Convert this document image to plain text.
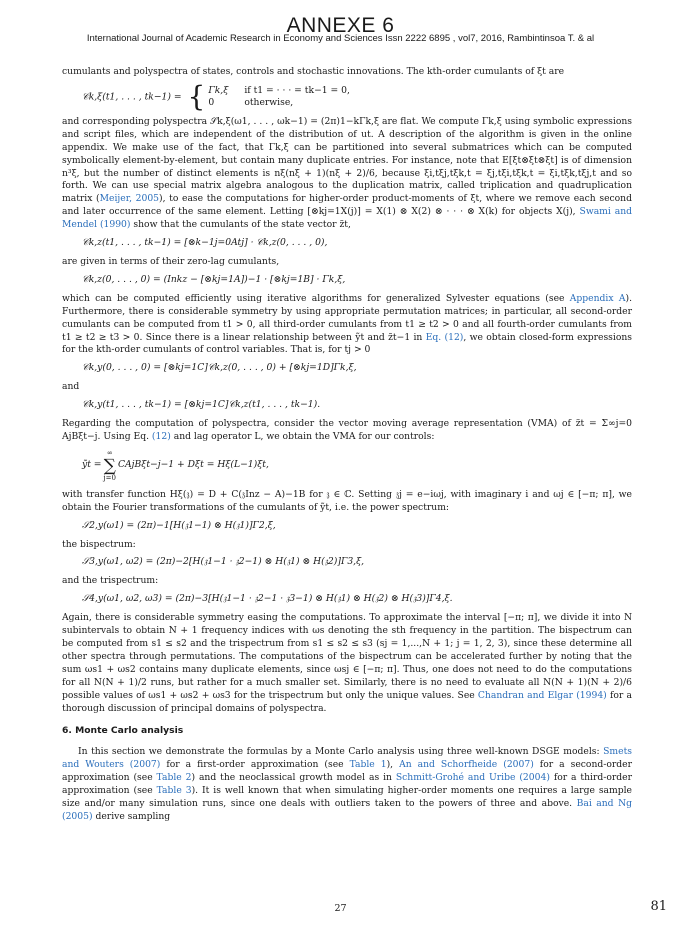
ANNEXE 6
International Journal of Academic Research in Economy and Sciences Issn 2222 6895 , vol7, 2016, Rambintinsoa T. & al

cumulants and polyspectra of states, controls and stochastic innovations. The kth-order cumulants of ξt are

𝒞k,ξ(t1, . . . , tk−1) = { Γk,ξ if t1 = · · · = tk−1 = 0,
0	otherwise,

and corresponding polyspectra 𝒮k,ξ(ω1, . . . , ωk−1) = (2π)1−kΓk,ξ are flat. We compute Γk,ξ using symbolic expressions and script files, which are independent of the distribution of ut. A description of the algorithm is given in the online appendix. We make use of the fact, that Γk,ξ can be partitioned into several submatrices which can be computed symbolically element-by-element, but contain many duplicate entries. For instance, note that E[ξt⊗ξt⊗ξt] is of dimension n³ξ, but the number of distinct elements is nξ(nξ + 1)(nξ + 2)/6, because ξi,tξj,tξk,t = ξj,tξi,tξk,t = ξi,tξk,tξj,t and so forth. We can use special matrix algebra analogous to the duplication matrix, called triplication and quadruplication matrix (Meijer, 2005), to ease the computations for higher-order product-moments of ξt, where we remove each second and later occurrence of the same element. Letting [⊗kj=1X(j)] = X(1) ⊗ X(2) ⊗ · · · ⊗ X(k) for objects X(j), Swami and Mendel (1990) show that the cumulants of the state vector z̃t,

𝒞k,z(t1, . . . , tk−1) = [⊗k−1j=0Atj] · 𝒞k,z(0, . . . , 0),

are given in terms of their zero-lag cumulants,

𝒞k,z(0, . . . , 0) = (Inkz − [⊗kj=1A])−1 · [⊗kj=1B] · Γk,ξ,

which can be computed efficiently using iterative algorithms for generalized Sylvester equations (see Appendix A). Furthermore, there is considerable symmetry by using appropriate permutation matrices; in particular, all second-order cumulants can be computed from t1 > 0, all third-order cumulants from t1 ≥ t2 > 0 and all fourth-order cumulants from t1 ≥ t2 ≥ t3 > 0. Since there is a linear relationship between ỹt and z̃t−1 in Eq. (12), we obtain closed-form expressions for the kth-order cumulants of control variables. That is, for tj > 0

𝒞k,y(0, . . . , 0) = [⊗kj=1C]𝒞k,z(0, . . . , 0) + [⊗kj=1D]Γk,ξ,

and

𝒞k,y(t1, . . . , tk−1) = [⊗kj=1C]𝒞k,z(t1, . . . , tk−1).

Regarding the computation of polyspectra, consider the vector moving average representation (VMA) of z̃t = Σ∞j=0 AjBξt−j. Using Eq. (12) and lag operator L, we obtain the VMA for our controls:

ỹt =
∞
∑
j=0
CAjBξt−j−1 + Dξt = Hξ(L−1)ξt,

with transfer function Hξ(𝔷) = D + C(𝔷Inz − A)−1B for 𝔷 ∈ ℂ. Setting 𝔷j = e−iωj, with imaginary i and ωj ∈ [−π; π], we obtain the Fourier transformations of the cumulants of ỹt, i.e. the power spectrum:

𝒮2,y(ω1) = (2π)−1[H(𝔷1−1) ⊗ H(𝔷1)]Γ2,ξ,

the bispectrum:

𝒮3,y(ω1, ω2) = (2π)−2[H(𝔷1−1 · 𝔷2−1) ⊗ H(𝔷1) ⊗ H(𝔷2)]Γ3,ξ,

and the trispectrum:

𝒮4,y(ω1, ω2, ω3) = (2π)−3[H(𝔷1−1 · 𝔷2−1 · 𝔷3−1) ⊗ H(𝔷1) ⊗ H(𝔷2) ⊗ H(𝔷3)]Γ4,ξ.

Again, there is considerable symmetry easing the computations. To approximate the interval [−π; π], we divide it into N subintervals to obtain N + 1 frequency indices with ωs denoting the sth frequency in the partition. The bispectrum can be computed from s1 ≤ s2 and the trispectrum from s1 ≤ s2 ≤ s3 (sj = 1,...,N + 1; j = 1, 2, 3), since these determine all other spectra through permutations. The computations of the bispectrum can be accelerated further by noting that the sum ωs1 + ωs2 contains many duplicate elements, since ωsj ∈ [−π; π]. Thus, one does not need to do the computations for all N(N + 1)/2 runs, but rather for a much smaller set. Similarly, there is no need to evaluate all N(N + 1)(N + 2)/6 possible values of ωs1 + ωs2 + ωs3 for the trispectrum but only the unique values. See Chandran and Elgar (1994) for a thorough discussion of principal domains of polyspectra.

6. Monte Carlo analysis

In this section we demonstrate the formulas by a Monte Carlo analysis using three well-known DSGE models: Smets and Wouters (2007) for a first-order approximation (see Table 1), An and Schorfheide (2007) for a second-order approximation (see Table 2) and the neoclassical growth model as in Schmitt-Grohé and Uribe (2004) for a third-order approximation (see Table 3). It is well known that when simulating higher-order moments one requires a large sample size and/or many simulation runs, since one deals with outliers taken to the powers of three and above. Bai and Ng (2005) derive sampling

27	81
